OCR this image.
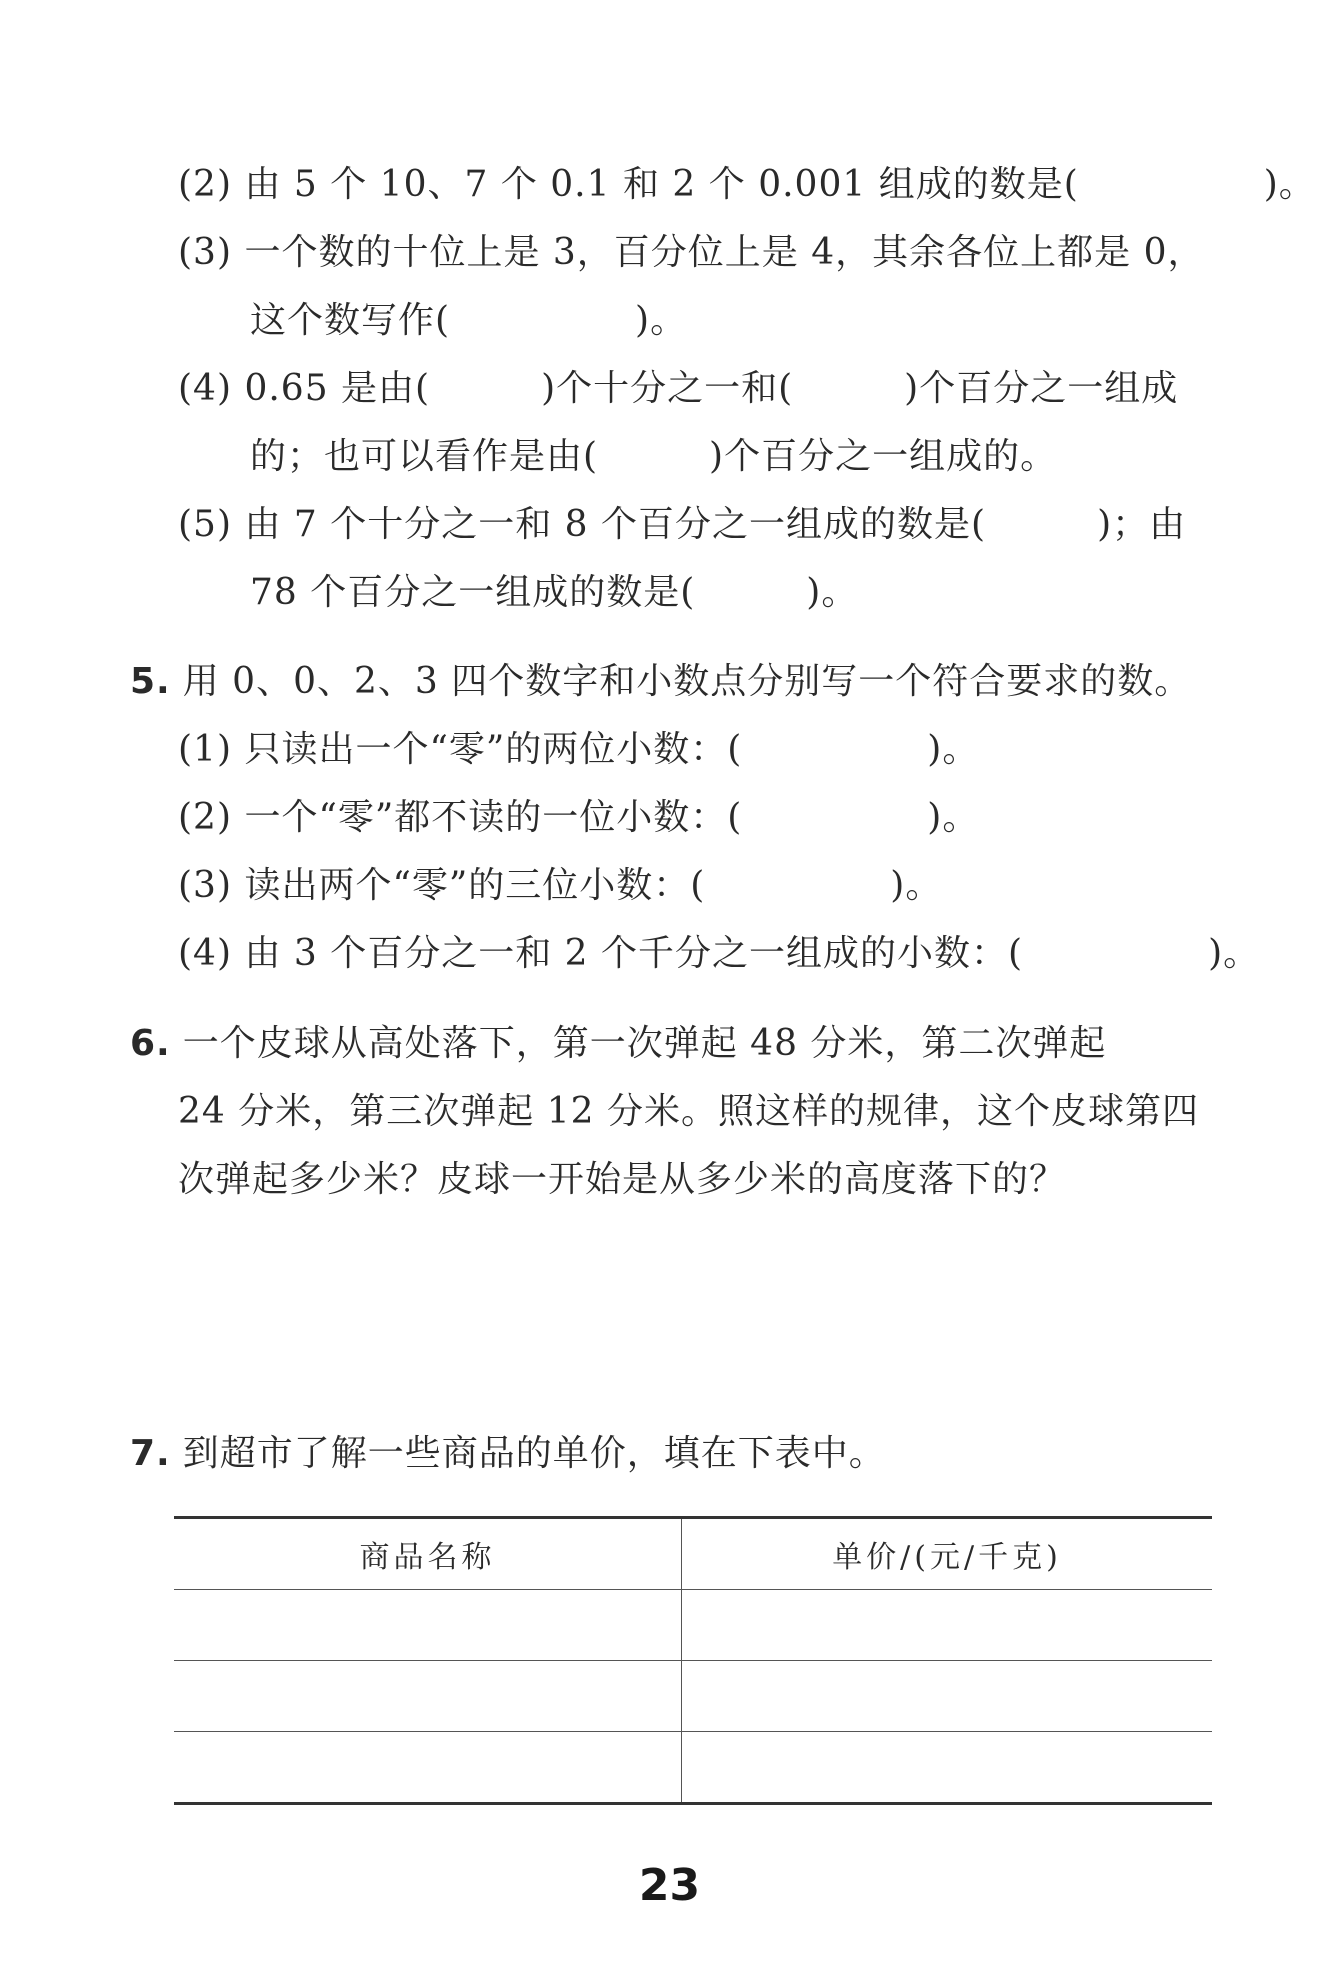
(2) 由 5 个 10、7 个 0.1 和 2 个 0.001 组成的数是(　　　　　)。
(3) 一个数的十位上是 3，百分位上是 4，其余各位上都是 0，
这个数写作(　　　　　)。
(4) 0.65 是由(　　　)个十分之一和(　　　)个百分之一组成
的；也可以看作是由(　　　)个百分之一组成的。
(5) 由 7 个十分之一和 8 个百分之一组成的数是(　　　)；由
78 个百分之一组成的数是(　　　)。
5. 用 0、0、2、3 四个数字和小数点分别写一个符合要求的数。
(1) 只读出一个“零”的两位小数：(　　　　　)。
(2) 一个“零”都不读的一位小数：(　　　　　)。
(3) 读出两个“零”的三位小数：(　　　　　)。
(4) 由 3 个百分之一和 2 个千分之一组成的小数：(　　　　　)。
6. 一个皮球从高处落下，第一次弹起 48 分米，第二次弹起
24 分米，第三次弹起 12 分米。照这样的规律，这个皮球第四
次弹起多少米？皮球一开始是从多少米的高度落下的？
7. 到超市了解一些商品的单价，填在下表中。
商品名称	单价/(元/千克)

23
